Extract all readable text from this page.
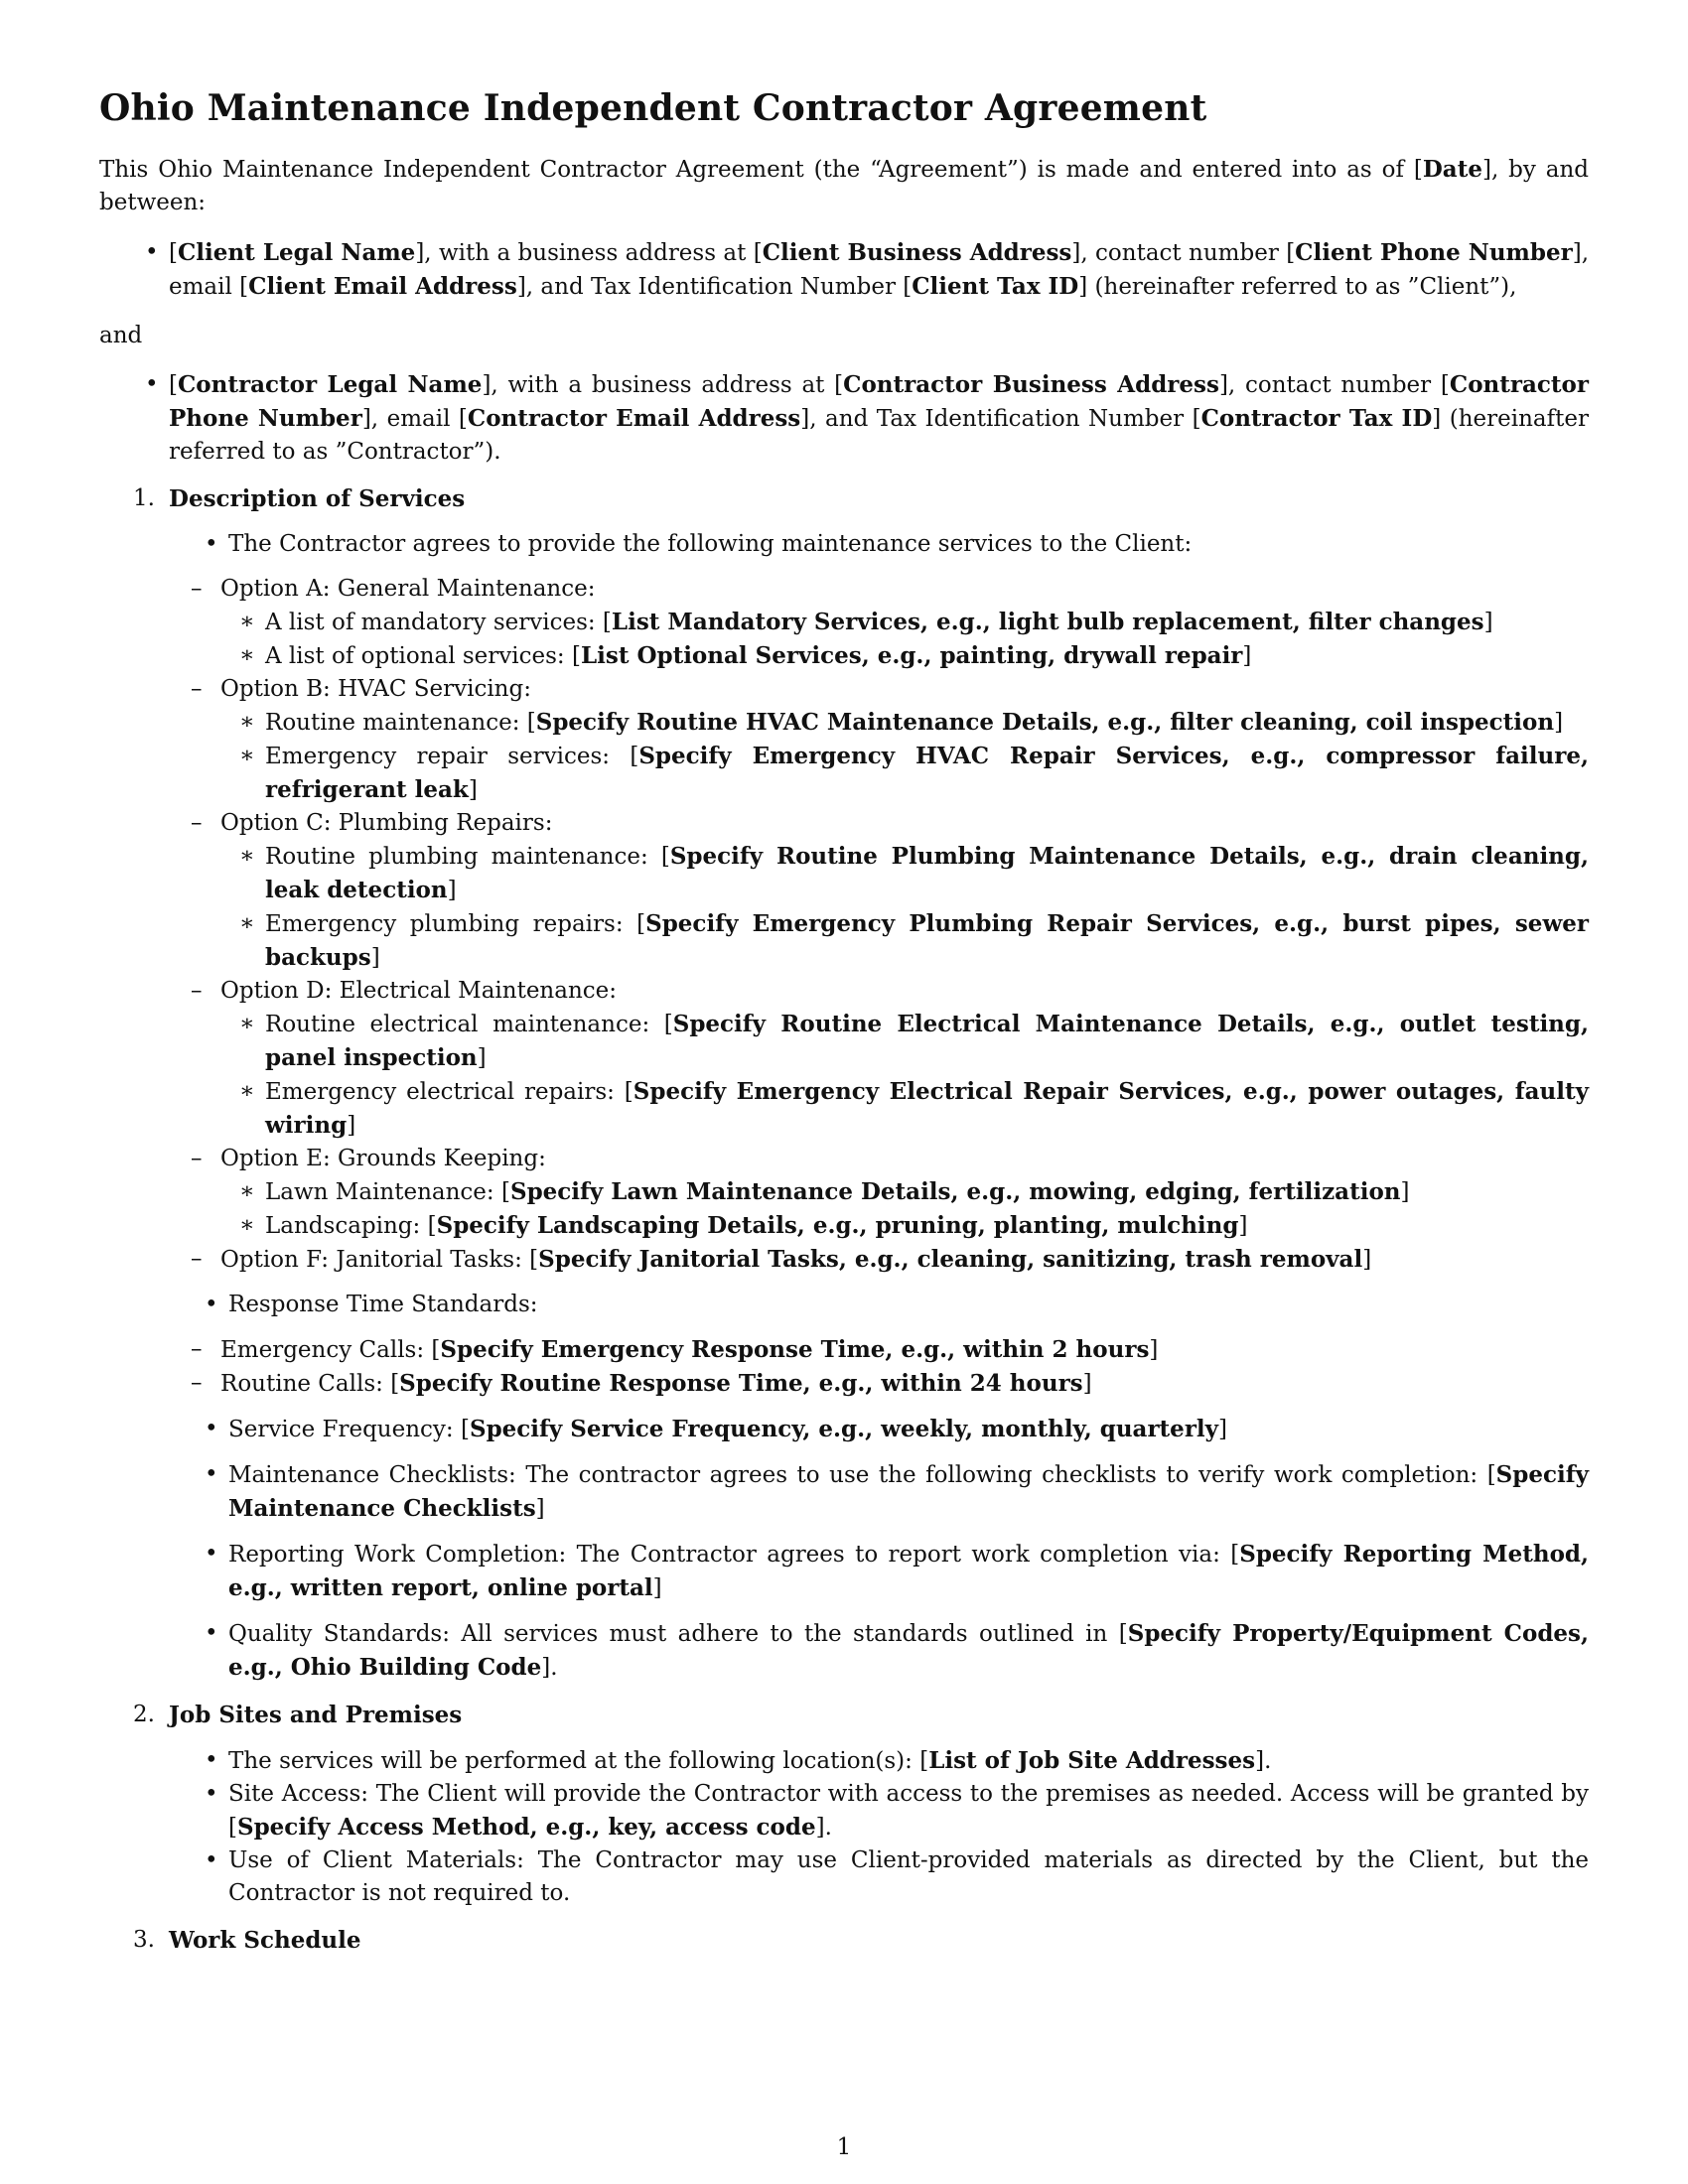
Ohio Maintenance Independent Contractor Agreement

This Ohio Maintenance Independent Contractor Agreement (the “Agreement”) is made and entered into as of [Date], by and between:

• [Client Legal Name], with a business address at [Client Business Address], contact number [Client Phone Number], email [Client Email Address], and Tax Identification Number [Client Tax ID] (hereinafter referred to as ”Client”),
and
• [Contractor Legal Name], with a business address at [Contractor Business Address], contact number [Contractor Phone Number], email [Contractor Email Address], and Tax Identification Number [Contractor Tax ID] (hereinafter referred to as ”Contractor”).
1. Description of Services
• The Contractor agrees to provide the following maintenance services to the Client:
– Option A: General Maintenance:
∗ A list of mandatory services: [List Mandatory Services, e.g., light bulb replacement, filter changes]
∗ A list of optional services: [List Optional Services, e.g., painting, drywall repair]
– Option B: HVAC Servicing:
∗ Routine maintenance: [Specify Routine HVAC Maintenance Details, e.g., filter cleaning, coil inspection]
∗ Emergency repair services: [Specify Emergency HVAC Repair Services, e.g., compressor failure, refrigerant leak]
– Option C: Plumbing Repairs:
∗ Routine plumbing maintenance: [Specify Routine Plumbing Maintenance Details, e.g., drain cleaning, leak detection]
∗ Emergency plumbing repairs: [Specify Emergency Plumbing Repair Services, e.g., burst pipes, sewer backups]
– Option D: Electrical Maintenance:
∗ Routine electrical maintenance: [Specify Routine Electrical Maintenance Details, e.g., outlet testing, panel inspection]
∗ Emergency electrical repairs: [Specify Emergency Electrical Repair Services, e.g., power outages, faulty wiring]
– Option E: Grounds Keeping:
∗ Lawn Maintenance: [Specify Lawn Maintenance Details, e.g., mowing, edging, fertilization]
∗ Landscaping: [Specify Landscaping Details, e.g., pruning, planting, mulching]
– Option F: Janitorial Tasks: [Specify Janitorial Tasks, e.g., cleaning, sanitizing, trash removal]
• Response Time Standards:
– Emergency Calls: [Specify Emergency Response Time, e.g., within 2 hours]
– Routine Calls: [Specify Routine Response Time, e.g., within 24 hours]
• Service Frequency: [Specify Service Frequency, e.g., weekly, monthly, quarterly]
• Maintenance Checklists: The contractor agrees to use the following checklists to verify work completion: [Specify Maintenance Checklists]
• Reporting Work Completion: The Contractor agrees to report work completion via: [Specify Reporting Method, e.g., written report, online portal]
• Quality Standards: All services must adhere to the standards outlined in [Specify Property/Equipment Codes, e.g., Ohio Building Code].
2. Job Sites and Premises
• The services will be performed at the following location(s): [List of Job Site Addresses].
• Site Access: The Client will provide the Contractor with access to the premises as needed. Access will be granted by [Specify Access Method, e.g., key, access code].
• Use of Client Materials: The Contractor may use Client-provided materials as directed by the Client, but the Contractor is not required to.
3. Work Schedule
1
